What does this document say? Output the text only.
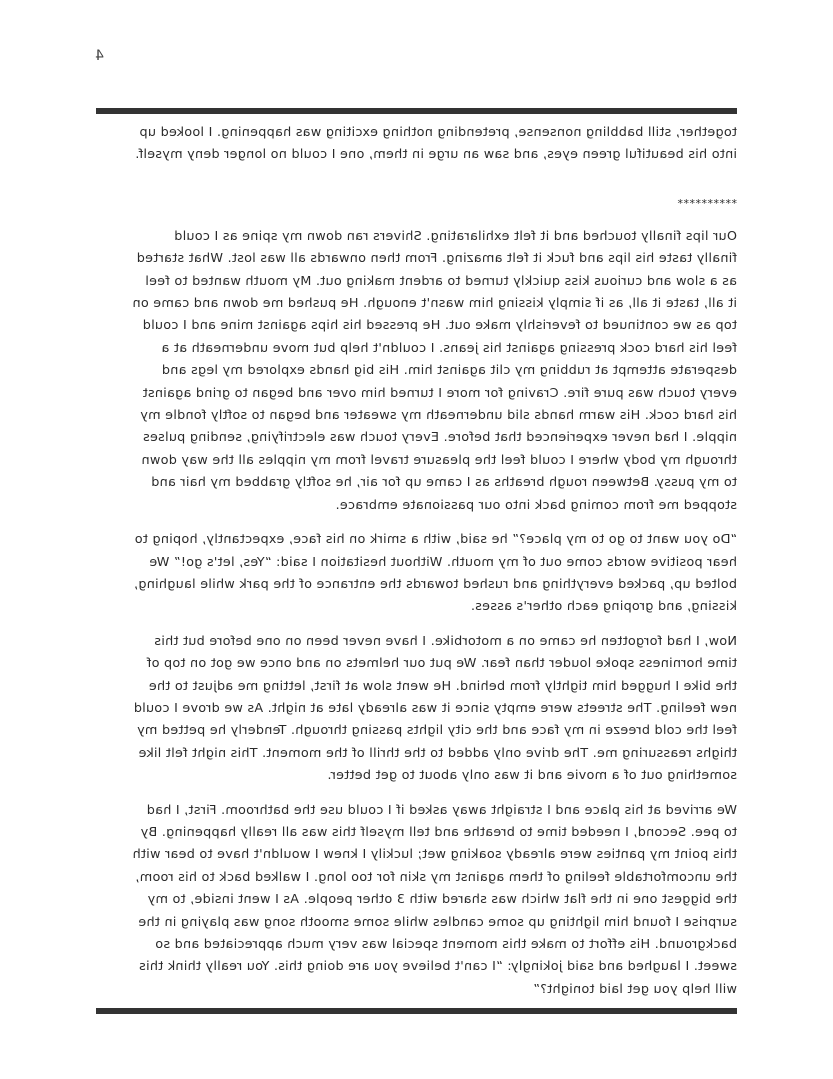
4

together, still babbling nonsense, pretending nothing exciting was happening. I looked up
into his beautiful green eyes, and saw an urge in them, one I could no longer deny myself.

**********

Our lips finally touched and it felt exhilarating. Shivers ran down my spine as I could
finally taste his lips and fuck it felt amazing. From then onwards all was lost. What started
as a slow and curious kiss quickly turned to ardent making out. My mouth wanted to feel
it all, taste it all, as if simply kissing him wasn't enough. He pushed me down and came on
top as we continued to feverishly make out. He pressed his hips against mine and I could
feel his hard cock pressing against his jeans. I couldn't help but move underneath at a
desperate attempt at rubbing my clit against him. His big hands explored my legs and
every touch was pure fire. Craving for more I turned him over and began to grind against
his hard cock. His warm hands slid underneath my sweater and began to softly fondle my
nipple. I had never experienced that before. Every touch was electrifying, sending pulses
through my body where I could feel the pleasure travel from my nipples all the way down
to my pussy. Between rough breaths as I came up for air, he softly grabbed my hair and
stopped me from coming back into our passionate embrace.

“Do you want to go to my place?” he said, with a smirk on his face, expectantly, hoping to
hear positive words come out of my mouth. Without hesitation I said: “Yes, let's go!” We
bolted up, packed everything and rushed towards the entrance of the park while laughing,
kissing, and groping each other's asses.

Now, I had forgotten he came on a motorbike. I have never been on one before but this
time horniness spoke louder than fear. We put our helmets on and once we got on top of
the bike I hugged him tightly from behind. He went slow at first, letting me adjust to the
new feeling. The streets were empty since it was already late at night. As we drove I could
feel the cold breeze in my face and the city lights passing through. Tenderly he petted my
thighs reassuring me. The drive only added to the thrill of the moment. This night felt like
something out of a movie and it was only about to get better.

We arrived at his place and I straight away asked if I could use the bathroom. First, I had
to pee. Second, I needed time to breathe and tell myself this was all really happening. By
this point my panties were already soaking wet; luckily I knew I wouldn't have to bear with
the uncomfortable feeling of them against my skin for too long. I walked back to his room,
the biggest one in the flat which was shared with 3 other people. As I went inside, to my
surprise I found him lighting up some candles while some smooth song was playing in the
background. His effort to make this moment special was very much appreciated and so
sweet. I laughed and said jokingly: “I can't believe you are doing this. You really think this
will help you get laid tonight?”
